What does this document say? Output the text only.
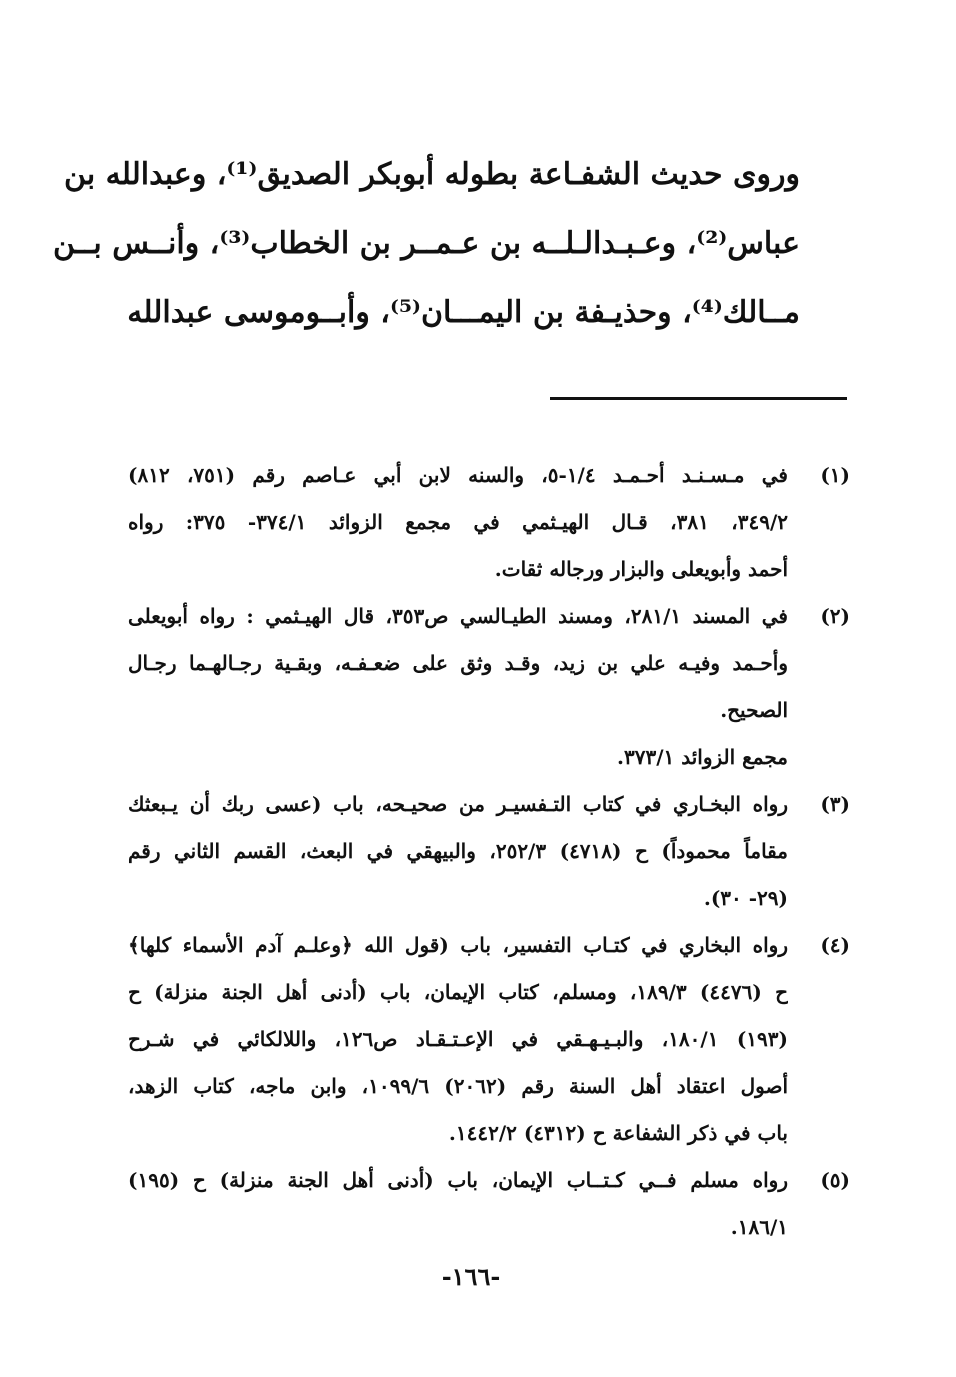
وروى حديث الشفـاعة بطوله أبوبكر الصديق⁽¹⁾، وعبدالله بن
عباس⁽²⁾، وعـبـدالـلــه بن عـمــر بن الخطاب⁽³⁾، وأنــس بــن
مــالك⁽⁴⁾، وحذيـفة بن اليمـــان⁽⁵⁾، وأبــوموسى عبدالله
(١)
في مـسـنـد أحـمـد ١/٤-٥، والسنه لابن أبي عـاصم رقم (٧٥١، ٨١٢)
٣٤٩/٢، ٣٨١، قـال الهيـثمي في مجمع الزوائد ٣٧٤/١- ٣٧٥: رواه
أحمد وأبويعلى والبزار ورجاله ثقات.
(٢)
في المسند ٢٨١/١، ومسند الطيـالسي ص٣٥٣، قال الهيـثمي : رواه أبويعلى
وأحـمد وفيـه علي بن زيد، وقـد وثق على ضعـفـه، وبقـية رجـالهـما رجـال
الصحيح.
مجمع الزوائد ٣٧٣/١.
(٣)
رواه البخـاري في كتاب التـفسيـر من صحيـحه، باب (عسى ربك أن يـبعثك
مقاماً محموداً) ح (٤٧١٨) ٢٥٢/٣، والبيهقي في البعث، القسم الثاني رقم
(٢٩- ٣٠).
(٤)
رواه البخاري في كتـاب التفسير، باب (قول الله ﴿وعلـم آدم الأسماء كلها﴾
ح (٤٤٧٦) ١٨٩/٣، ومسلم، كتاب الإيمان، باب (أدنى أهل الجنة منزلة) ح
(١٩٣) ١٨٠/١، والبـيـهـقي في الإعـتـقـاد ص١٢٦، واللالكائي في شـرح
أصول اعتقاد أهل السنة رقم (٢٠٦٢) ١٠٩٩/٦، وابن ماجه، كتاب الزهد،
باب في ذكر الشفاعة ح (٤٣١٢) ١٤٤٢/٢.
(٥)
رواه مسلم فــي كـتــاب الإيمان، باب (أدنى أهل الجنة منزلة) ح (١٩٥)
١٨٦/١.
-١٦٦-
